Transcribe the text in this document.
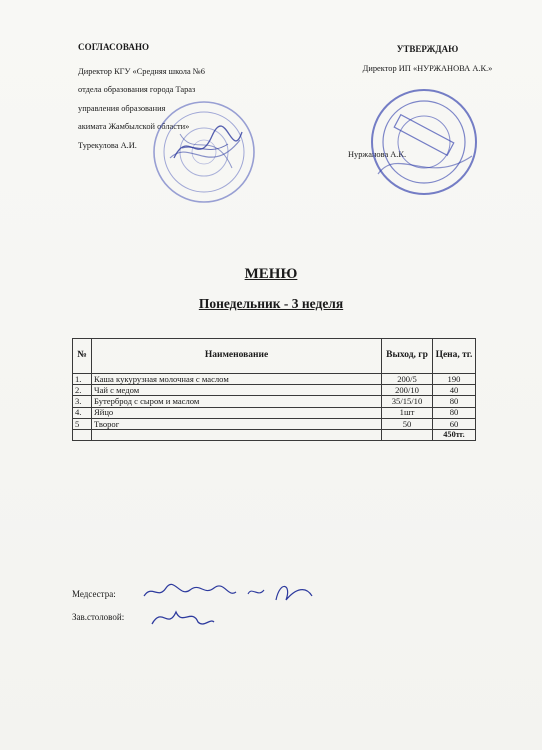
СОГЛАСОВАНО
Директор КГУ «Средняя школа №6
отдела образования города Тараз
управления образования
акимата Жамбылской области»
Турекулова А.И.
УТВЕРЖДАЮ
Директор ИП «НУРЖАНОВА А.К.»
Нуржанова А.К.
МЕНЮ
Понедельник - 3 неделя
№	Наименование	Выход, гр	Цена, тг.
1.	Каша кукурузная молочная с маслом	200/5	190
2.	Чай с медом	200/10	40
3.	Бутерброд с сыром и маслом	35/15/10	80
4.	Яйцо	1шт	80
5	Творог	50	60
			450тг.
Медсестра:
Зав.столовой:
